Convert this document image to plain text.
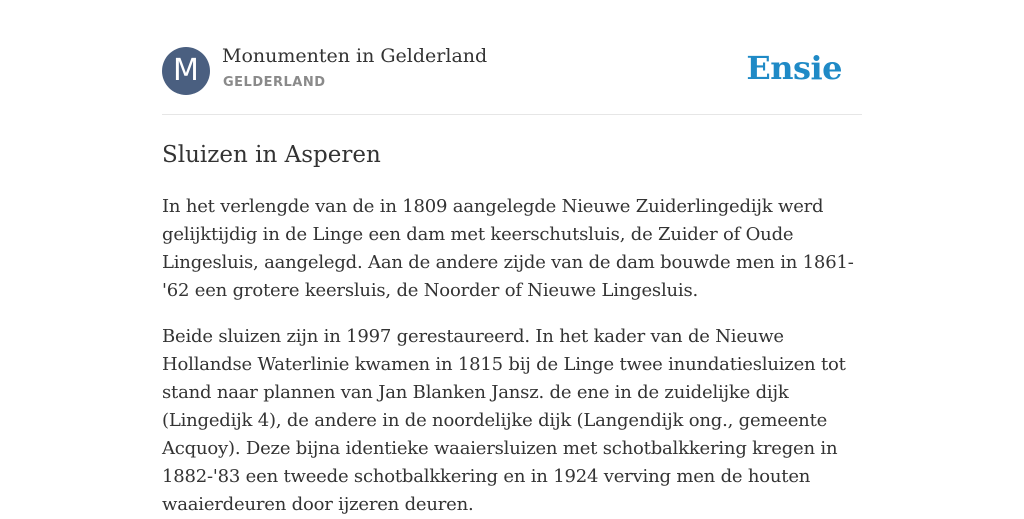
M	Monumenten in Gelderland
GELDERLAND	Ensie
Sluizen in Asperen

In het verlengde van de in 1809 aangelegde Nieuwe Zuiderlingedijk werd gelijktijdig in de Linge een dam met keerschutsluis, de Zuider of Oude Lingesluis, aangelegd. Aan de andere zijde van de dam bouwde men in 1861-'62 een grotere keersluis, de Noorder of Nieuwe Lingesluis.

Beide sluizen zijn in 1997 gerestaureerd. In het kader van de Nieuwe Hollandse Waterlinie kwamen in 1815 bij de Linge twee inundatiesluizen tot stand naar plannen van Jan Blanken Jansz. de ene in de zuidelijke dijk (Lingedijk 4), de andere in de noordelijke dijk (Langendijk ong., gemeente Acquoy). Deze bijna identieke waaiersluizen met schotbalkkering kregen in 1882-'83 een tweede schotbalkkering en in 1924 verving men de houten waaierdeuren door ijzeren deuren.
